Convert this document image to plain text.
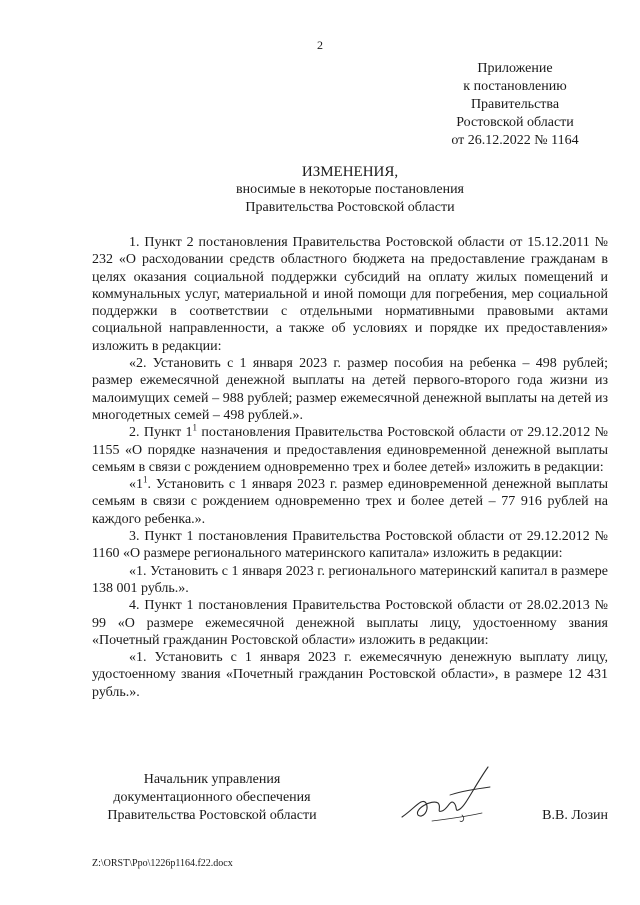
2
Приложение
к постановлению
Правительства
Ростовской области
от 26.12.2022 № 1164
ИЗМЕНЕНИЯ,
вносимые в некоторые постановления
Правительства Ростовской области

1. Пункт 2 постановления Правительства Ростовской области от 15.12.2011 № 232 «О расходовании средств областного бюджета на предоставление гражданам в целях оказания социальной поддержки субсидий на оплату жилых помещений и коммунальных услуг, материальной и иной помощи для погребения, мер социальной поддержки в соответствии с отдельными нормативными правовыми актами социальной направленности, а также об условиях и порядке их предоставления» изложить в редакции:

«2. Установить с 1 января 2023 г. размер пособия на ребенка – 498 рублей; размер ежемесячной денежной выплаты на детей первого-второго года жизни из малоимущих семей – 988 рублей; размер ежемесячной денежной выплаты на детей из многодетных семей – 498 рублей.».

2. Пункт $1^1$ постановления Правительства Ростовской области от 29.12.2012 № 1155 «О порядке назначения и предоставления единовременной денежной выплаты семьям в связи с рождением одновременно трех и более детей» изложить в редакции:

«$1^1$. Установить с 1 января 2023 г. размер единовременной денежной выплаты семьям в связи с рождением одновременно трех и более детей – 77 916 рублей на каждого ребенка.».

3. Пункт 1 постановления Правительства Ростовской области от 29.12.2012 № 1160 «О размере регионального материнского капитала» изложить в редакции:

«1. Установить с 1 января 2023 г. регионального материнский капитал в размере 138 001 рубль.».

4. Пункт 1 постановления Правительства Ростовской области от 28.02.2013 № 99 «О размере ежемесячной денежной выплаты лицу, удостоенному звания «Почетный гражданин Ростовской области» изложить в редакции:

«1. Установить с 1 января 2023 г. ежемесячную денежную выплату лицу, удостоенному звания «Почетный гражданин Ростовской области», в размере 12 431 рубль.».

Начальник управления
документационного обеспечения
Правительства Ростовской области	В.В. Лозин
Z:\ORST\Ppo\1226p1164.f22.docx
